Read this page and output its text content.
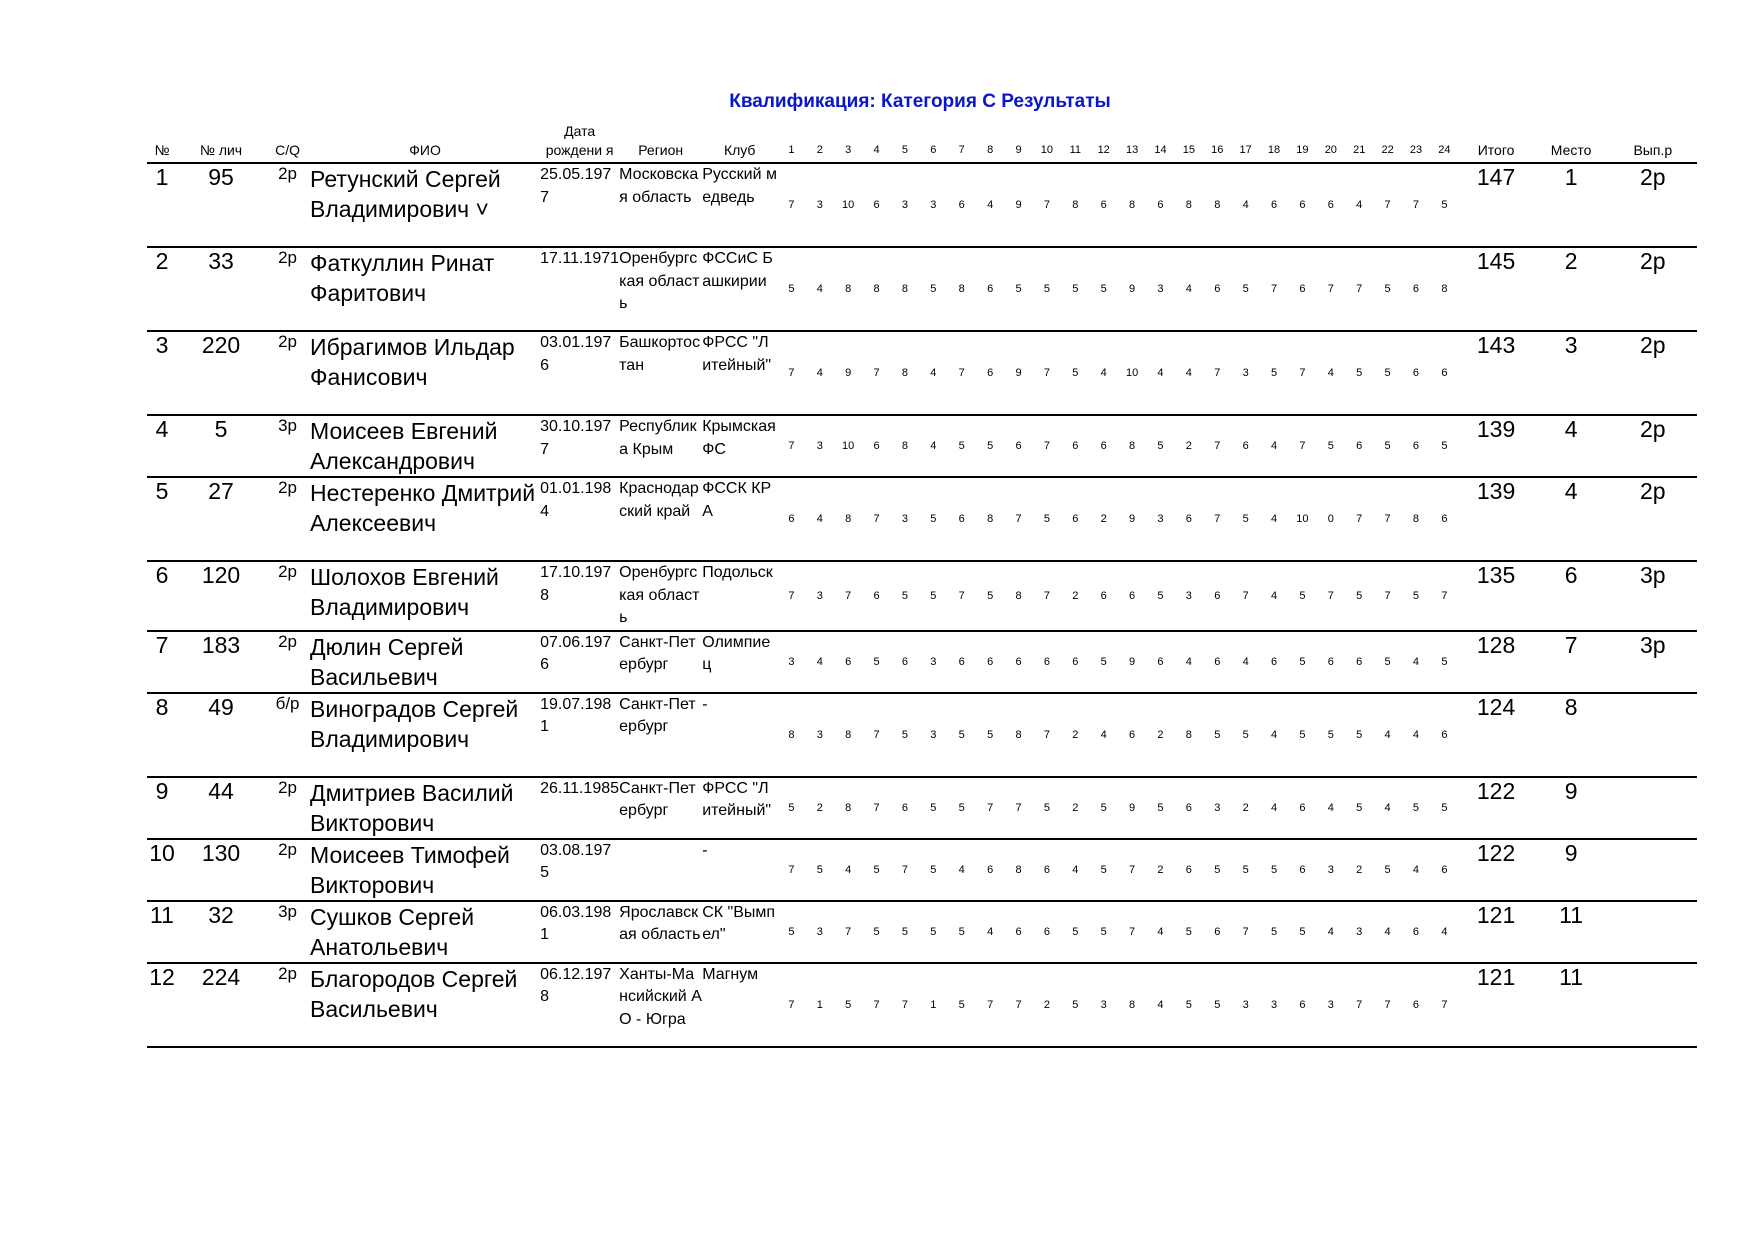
Квалификация: Категория С Результаты
№	№ лич	C/Q	ФИО	Дата рождени я	Регион	Клуб	1	2	3	4	5	6	7	8	9	10	11	12	13	14	15	16	17	18	19	20	21	22	23	24	Итого	Место	Вып.р
1	95	2р	Ретунский Сергей Владимирович ˅	25.05.1977	Московская область	Русский медведь	7	3	10	6	3	3	6	4	9	7	8	6	8	6	8	8	4	6	6	6	4	7	7	5	147	1	2р
2	33	2р	Фаткуллин Ринат Фаритович	17.11.1971	Оренбургская область	ФССиС Башкирии	5	4	8	8	8	5	8	6	5	5	5	5	9	3	4	6	5	7	6	7	7	5	6	8	145	2	2р
3	220	2р	Ибрагимов Ильдар Фанисович	03.01.1976	Башкортостан	ФРСС "Литейный"	7	4	9	7	8	4	7	6	9	7	5	4	10	4	4	7	3	5	7	4	5	5	6	6	143	3	2р
4	5	3р	Моисеев Евгений Александрович	30.10.1977	Республика Крым	Крымская ФС	7	3	10	6	8	4	5	5	6	7	6	6	8	5	2	7	6	4	7	5	6	5	6	5	139	4	2р
5	27	2р	Нестеренко Дмитрий Алексеевич	01.01.1984	Краснодарский край	ФССК КРА	6	4	8	7	3	5	6	8	7	5	6	2	9	3	6	7	5	4	10	0	7	7	8	6	139	4	2р
6	120	2р	Шолохов Евгений Владимирович	17.10.1978	Оренбургская область	Подольск	7	3	7	6	5	5	7	5	8	7	2	6	6	5	3	6	7	4	5	7	5	7	5	7	135	6	3р
7	183	2р	Дюлин Сергей Васильевич	07.06.1976	Санкт-Петербург	Олимпиец	3	4	6	5	6	3	6	6	6	6	6	5	9	6	4	6	4	6	5	6	6	5	4	5	128	7	3р
8	49	б/р	Виноградов Сергей Владимирович	19.07.1981	Санкт-Петербург	-	8	3	8	7	5	3	5	5	8	7	2	4	6	2	8	5	5	4	5	5	5	4	4	6	124	8	
9	44	2р	Дмитриев Василий Викторович	26.11.1985	Санкт-Петербург	ФРСС "Литейный"	5	2	8	7	6	5	5	7	7	5	2	5	9	5	6	3	2	4	6	4	5	4	5	5	122	9	
10	130	2р	Моисеев Тимофей Викторович	03.08.1975		-	7	5	4	5	7	5	4	6	8	6	4	5	7	2	6	5	5	5	6	3	2	5	4	6	122	9	
11	32	3р	Сушков Сергей Анатольевич	06.03.1981	Ярославская область	СК "Вымпел"	5	3	7	5	5	5	5	4	6	6	5	5	7	4	5	6	7	5	5	4	3	4	6	4	121	11	
12	224	2р	Благородов Сергей Васильевич	06.12.1978	Ханты-Мансийский АО - Югра	Магнум	7	1	5	7	7	1	5	7	7	2	5	3	8	4	5	5	3	3	6	3	7	7	6	7	121	11	
